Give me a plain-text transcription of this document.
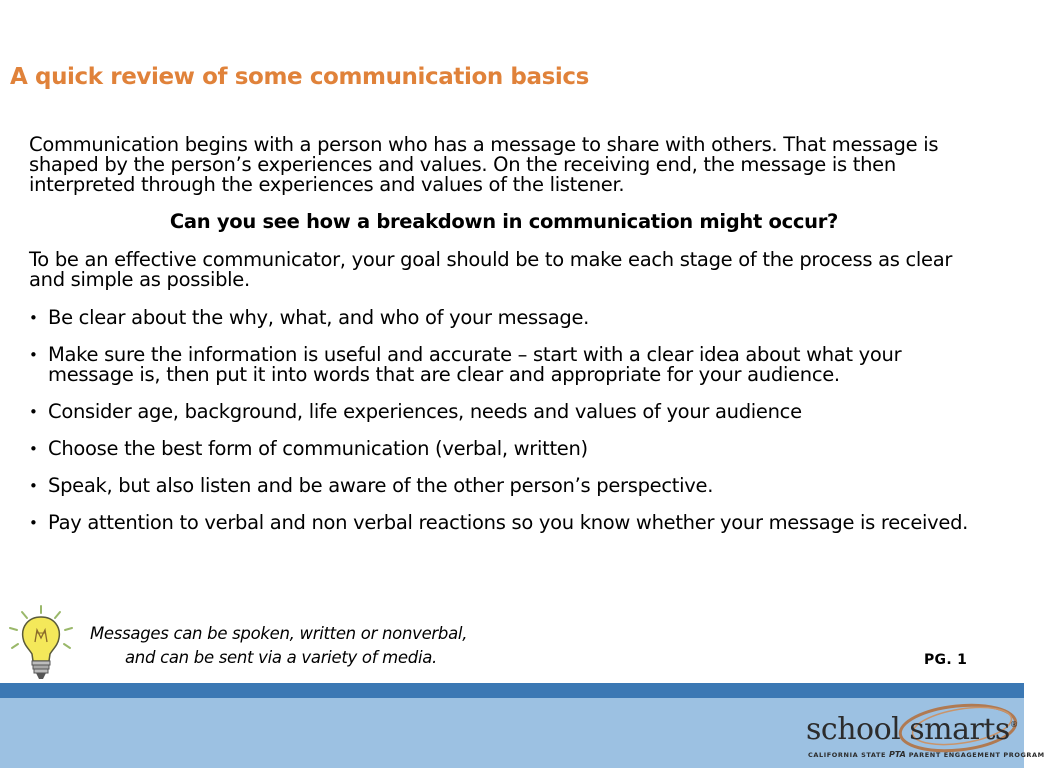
A quick review of some communication basics

Communication begins with a person who has a message to share with others. That message is shaped by the person’s experiences and values. On the receiving end, the message is then interpreted through the experiences and values of the listener.

Can you see how a breakdown in communication might occur?

To be an effective communicator, your goal should be to make each stage of the process as clear and simple as possible.

• Be clear about the why, what, and who of your message.
• Make sure the information is useful and accurate – start with a clear idea about what your message is, then put it into words that are clear and appropriate for your audience.
• Consider age, background, life experiences, needs and values of your audience
• Choose the best form of communication (verbal, written)
• Speak, but also listen and be aware of the other person’s perspective.
• Pay attention to verbal and non verbal reactions so you know whether your message is received.
Messages can be spoken, written or nonverbal,
and can be sent via a variety of media.	PG. 1
school smarts ®
CALIFORNIA STATE PTA PARENT ENGAGEMENT PROGRAM
